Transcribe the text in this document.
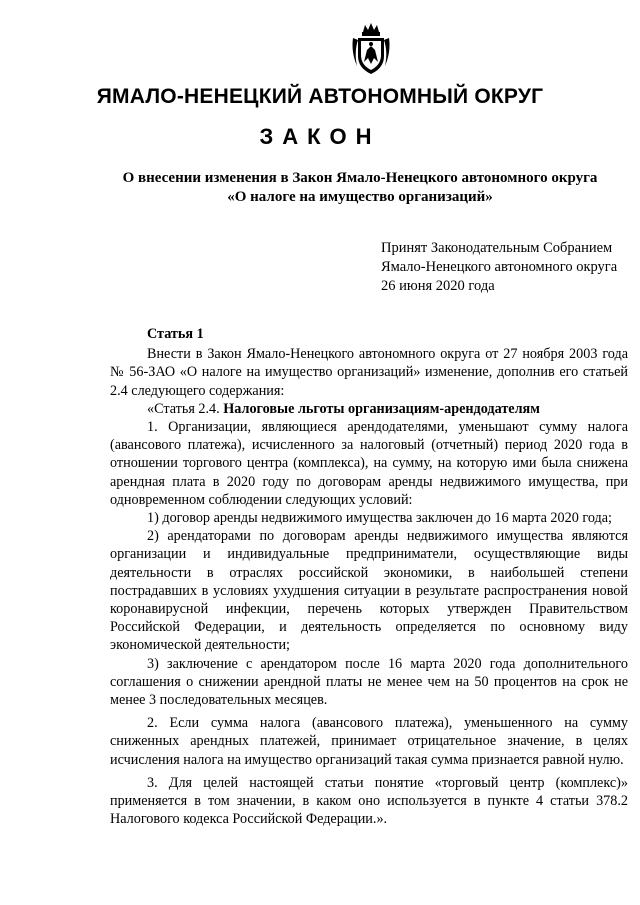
ЯМАЛО-НЕНЕЦКИЙ АВТОНОМНЫЙ ОКРУГ
ЗАКОН
О внесении изменения в Закон Ямало-Ненецкого автономного округа
«О налоге на имущество организаций»
Принят Законодательным Собранием
Ямало-Ненецкого автономного округа
26 июня 2020 года
Статья 1

Внести в Закон Ямало-Ненецкого автономного округа от 27 ноября 2003 года № 56-ЗАО «О налоге на имущество организаций» изменение, дополнив его статьей 2.4 следующего содержания:

«Статья 2.4. Налоговые льготы организациям-арендодателям

1. Организации, являющиеся арендодателями, уменьшают сумму налога (авансового платежа), исчисленного за налоговый (отчетный) период 2020 года в отношении торгового центра (комплекса), на сумму, на которую ими была снижена арендная плата в 2020 году по договорам аренды недвижимого имущества, при одновременном соблюдении следующих условий:

1) договор аренды недвижимого имущества заключен до 16 марта 2020 года;

2) арендаторами по договорам аренды недвижимого имущества являются организации и индивидуальные предприниматели, осуществляющие виды деятельности в отраслях российской экономики, в наибольшей степени пострадавших в условиях ухудшения ситуации в результате распространения новой коронавирусной инфекции, перечень которых утвержден Правительством Российской Федерации, и деятельность определяется по основному виду экономической деятельности;

3) заключение с арендатором после 16 марта 2020 года дополнительного соглашения о снижении арендной платы не менее чем на 50 процентов на срок не менее 3 последовательных месяцев.

2. Если сумма налога (авансового платежа), уменьшенного на сумму сниженных арендных платежей, принимает отрицательное значение, в целях исчисления налога на имущество организаций такая сумма признается равной нулю.

3. Для целей настоящей статьи понятие «торговый центр (комплекс)» применяется в том значении, в каком оно используется в пункте 4 статьи 378.2 Налогового кодекса Российской Федерации.».
